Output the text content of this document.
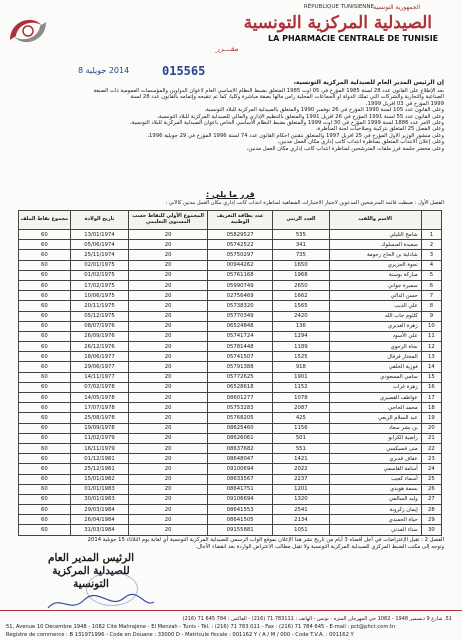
الجمهورية التونسية
RÉPUBLIQUE TUNISIENNE
الصيدلية المركزية التونسية
LA PHARMACIE CENTRALE DE TUNISIE
مقـــرر
015565
2014 جويلية 8
إن الرئيس المدير العام للصيدلية المركزية التونسية،
بعد الإطلاع على القانون عدد 28 لسنة 1985 المؤرخ في 05 أوت 1985 المتعلق بضبط النظام الأساسي العام لأعوان الدواوين والمؤسسات العمومية ذات الصبغة
الصناعية والتجارية والشركات التي تملك الدولة أو الجماعات المحلية رأس مالها بصفة مباشرة وكليا، كما تم تنقيحه وإتمامه بالقانون عدد 28 لسنة
1999 المؤرخ في 03 أفريل 1999،
وعلى القانون عدد 105 لسنة 1990 المؤرخ في 26 نوفمبر 1990 والمتعلق بالصيدلية المركزية للبلاد التونسية،
وعلى القانون عدد 55 لسنة 1991 المؤرخ في 26 أفريل 1991 والمتعلق بالتنظيم الإداري والمالي للصيدلية المركزية للبلاد التونسية،
وعلى الأمر عدد 1886 لسنة 1999 المؤرخ في 30 أوت 1999 والمتعلق بضبط النظام الأساسي الخاص بأعوان الصيدلية المركزية للبلاد التونسية،
وعلى الفصل 25 المتعلق بتركيبة وصلاحيات لجنة المناظرة،
وعلى منشور الوزير الأول المؤرخ في 25 أفريل 1997 والمتعلق بتقنين أحكام القانون عدد 74 لسنة 1996 المؤرخ في 29 جويلية 1996،
وعلى إعلان الانتداب المتعلق بمناظرة انتداب كاتب إداري مكان العمل مدنين،
وعلى محضر جلسة فرز ملفات المترشحين لمناظرة انتداب كاتب إداري مكان العمل مدنين،
قرر ما يلي :
الفصل الأول : ضبطت قائمة المترشحين المدعوين لاجتياز الاختبارات الشفاهية لمناظرة انتداب كاتب إداري مكان العمل مدنين كالآتي :
	الاسم واللقب	العدد الرتبي	عدد بطاقة التعريف الوطنية	المجموع الأولي للنقاط حسب المستوى التعليمي	تاريخ الولادة	مجموع نقاط الملف
1	شامخ التليلي	535	05829527	20	13/01/1974	60
2	سعيدة العبسلوك	341	05742522	20	05/06/1974	60
3	شادلية بن الحاج رحومة	735	05750297	20	25/11/1974	60
4	نجوة الجزيري	1650	00944262	20	02/01/1975	60
5	مباركة بوسنة	1968	05761168	20	01/02/1975	60
6	سميرة جواني	2650	05990749	20	17/02/1975	60
7	حسن الدالي	1662	02756469	20	10/06/1975	60
8	علي الذيب	1565	05738320	20	20/11/1975	60
9	كلثوم جاب الله	2420	05770349	20	05/12/1975	60
10	زهرة الغديري	136	06524848	20	08/07/1976	60
11	علي الأسود	1294	05741724	20	26/09/1976	60
12	نجاة الرحوي	1189	05781448	20	26/12/1976	60
13	المختار قرفال	1525	05741507	20	18/06/1977	60
14	فوزية الخلقي	918	05791388	20	29/06/1977	60
15	سامي المسعودي	1901	05772625	20	14/11/1977	60
16	زهرة غراب	1152	06528618	20	07/02/1978	60
17	عواطف القصيري	1078	08601277	20	14/05/1978	60
18	محمد الحاجي	2087	05753283	20	17/07/1978	60
19	عبد السلام الربعي	425	05768205	20	25/08/1978	60
20	بن بشر سعاد	1156	08625460	20	19/09/1978	60
21	راضية الكرابو	501	08626061	20	11/02/1979	60
22	منى قسيكسي	551	08637682	20	16/11/1979	60
23	عفاف قديري	1421	08648047	20	01/12/1981	60
24	أسامة القاسمي	2022	09100694	20	25/12/1981	60
25	أسماء كعيب	2237	08633567	20	15/01/1982	60
26	بسمة هويدي	1201	08641751	20	01/01/1983	60
27	وليد السالمي	1320	09106694	20	30/01/1983	60
28	إيمان زكرونة	2541	08641553	20	29/03/1984	60
29	حياة الحميدي	2134	08641505	20	26/04/1984	60
30	سناء المدني	1051	09155881	20	31/03/1984	60
الفصل 2 : تقبل الإعتراضات في أجل أقصاه 3 أيام من تاريخ نشر هذا الإعلان بموقع الواب الرسمي للصيدلية المركزية التونسية أي لغاية يوم الثلاثاء 15 جويلية 2014
وتوجه إلى مكتب الضبط المركزي للصيدلية المركزية التونسية ولا تقبل مطالب الاعتراض الواردة بعد انقضاء الآجال.
الرئيس المدير العام
للصيدلية المركزية
التونسية
51، شارع 9 ديسمبر 1948 - 1082 حي المهرجان المنزه - تونس - الهاتف : 783111 71 (216) - الفاكس : 784 645 71 (216)
51, Avenue 10 Décembre 1948 - 1082 Cité Mahrajène - El Menzah - Tunis - Tél. : (216) 71 783 011 - Fax : (216) 71 784 645 - E-mail : pct@phct.com.tn
Registre de commerce : B 131971996 - Code en Douane : 33000 D - Matricule fiscale : 001162 Y / A / M / 000 - Code T.V.A. : 001162 Y
